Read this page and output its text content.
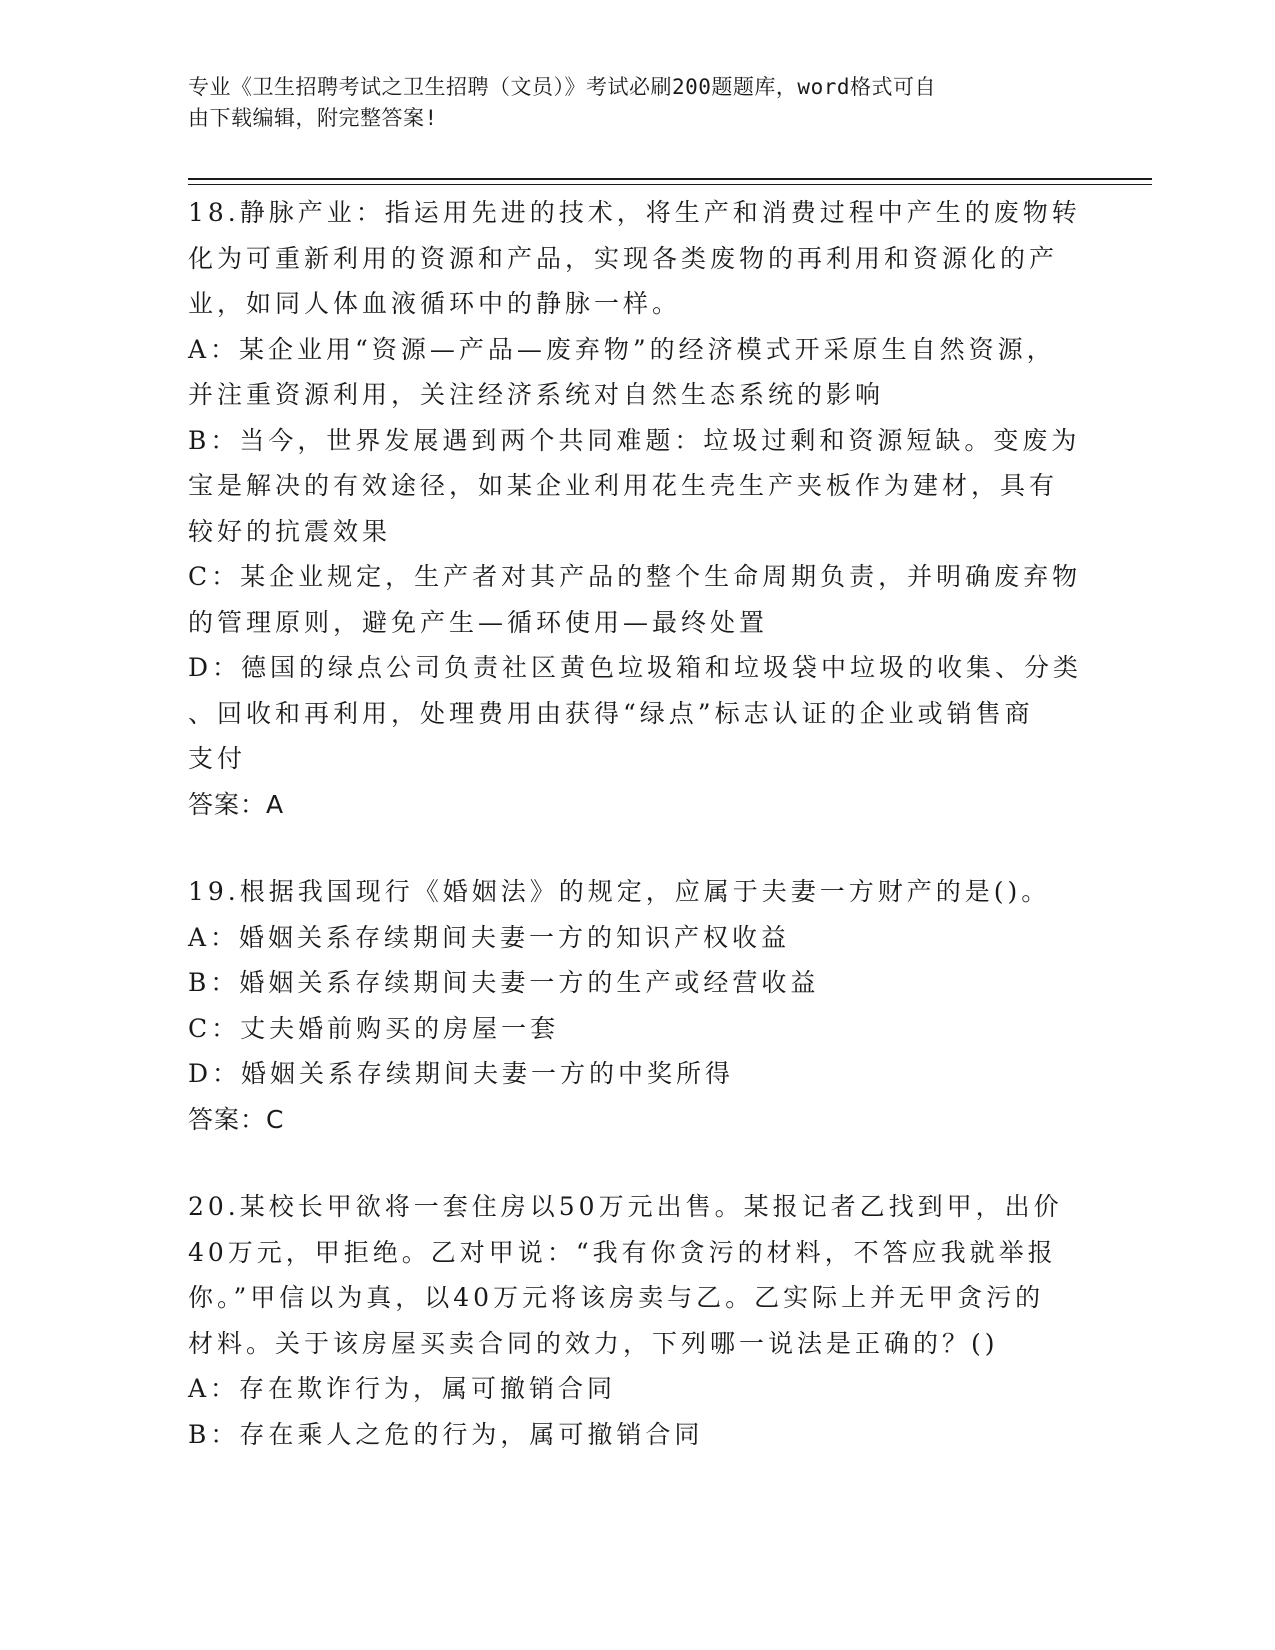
专业《卫生招聘考试之卫生招聘（文员）》考试必刷200题题库，word格式可自
由下载编辑，附完整答案!
18.静脉产业：指运用先进的技术，将生产和消费过程中产生的废物转
化为可重新利用的资源和产品，实现各类废物的再利用和资源化的产
业，如同人体血液循环中的静脉一样。
A：某企业用“资源—产品—废弃物”的经济模式开采原生自然资源，
并注重资源利用，关注经济系统对自然生态系统的影响
B：当今，世界发展遇到两个共同难题：垃圾过剩和资源短缺。变废为
宝是解决的有效途径，如某企业利用花生壳生产夹板作为建材，具有
较好的抗震效果
C：某企业规定，生产者对其产品的整个生命周期负责，并明确废弃物
的管理原则，避免产生—循环使用—最终处置
D：德国的绿点公司负责社区黄色垃圾箱和垃圾袋中垃圾的收集、分类
、回收和再利用，处理费用由获得“绿点”标志认证的企业或销售商
支付
答案：A
19.根据我国现行《婚姻法》的规定，应属于夫妻一方财产的是()。
A：婚姻关系存续期间夫妻一方的知识产权收益
B：婚姻关系存续期间夫妻一方的生产或经营收益
C：丈夫婚前购买的房屋一套
D：婚姻关系存续期间夫妻一方的中奖所得
答案：C
20.某校长甲欲将一套住房以50万元出售。某报记者乙找到甲，出价
40万元，甲拒绝。乙对甲说：“我有你贪污的材料，不答应我就举报
你。”甲信以为真，以40万元将该房卖与乙。乙实际上并无甲贪污的
材料。关于该房屋买卖合同的效力，下列哪一说法是正确的？()
A：存在欺诈行为，属可撤销合同
B：存在乘人之危的行为，属可撤销合同
